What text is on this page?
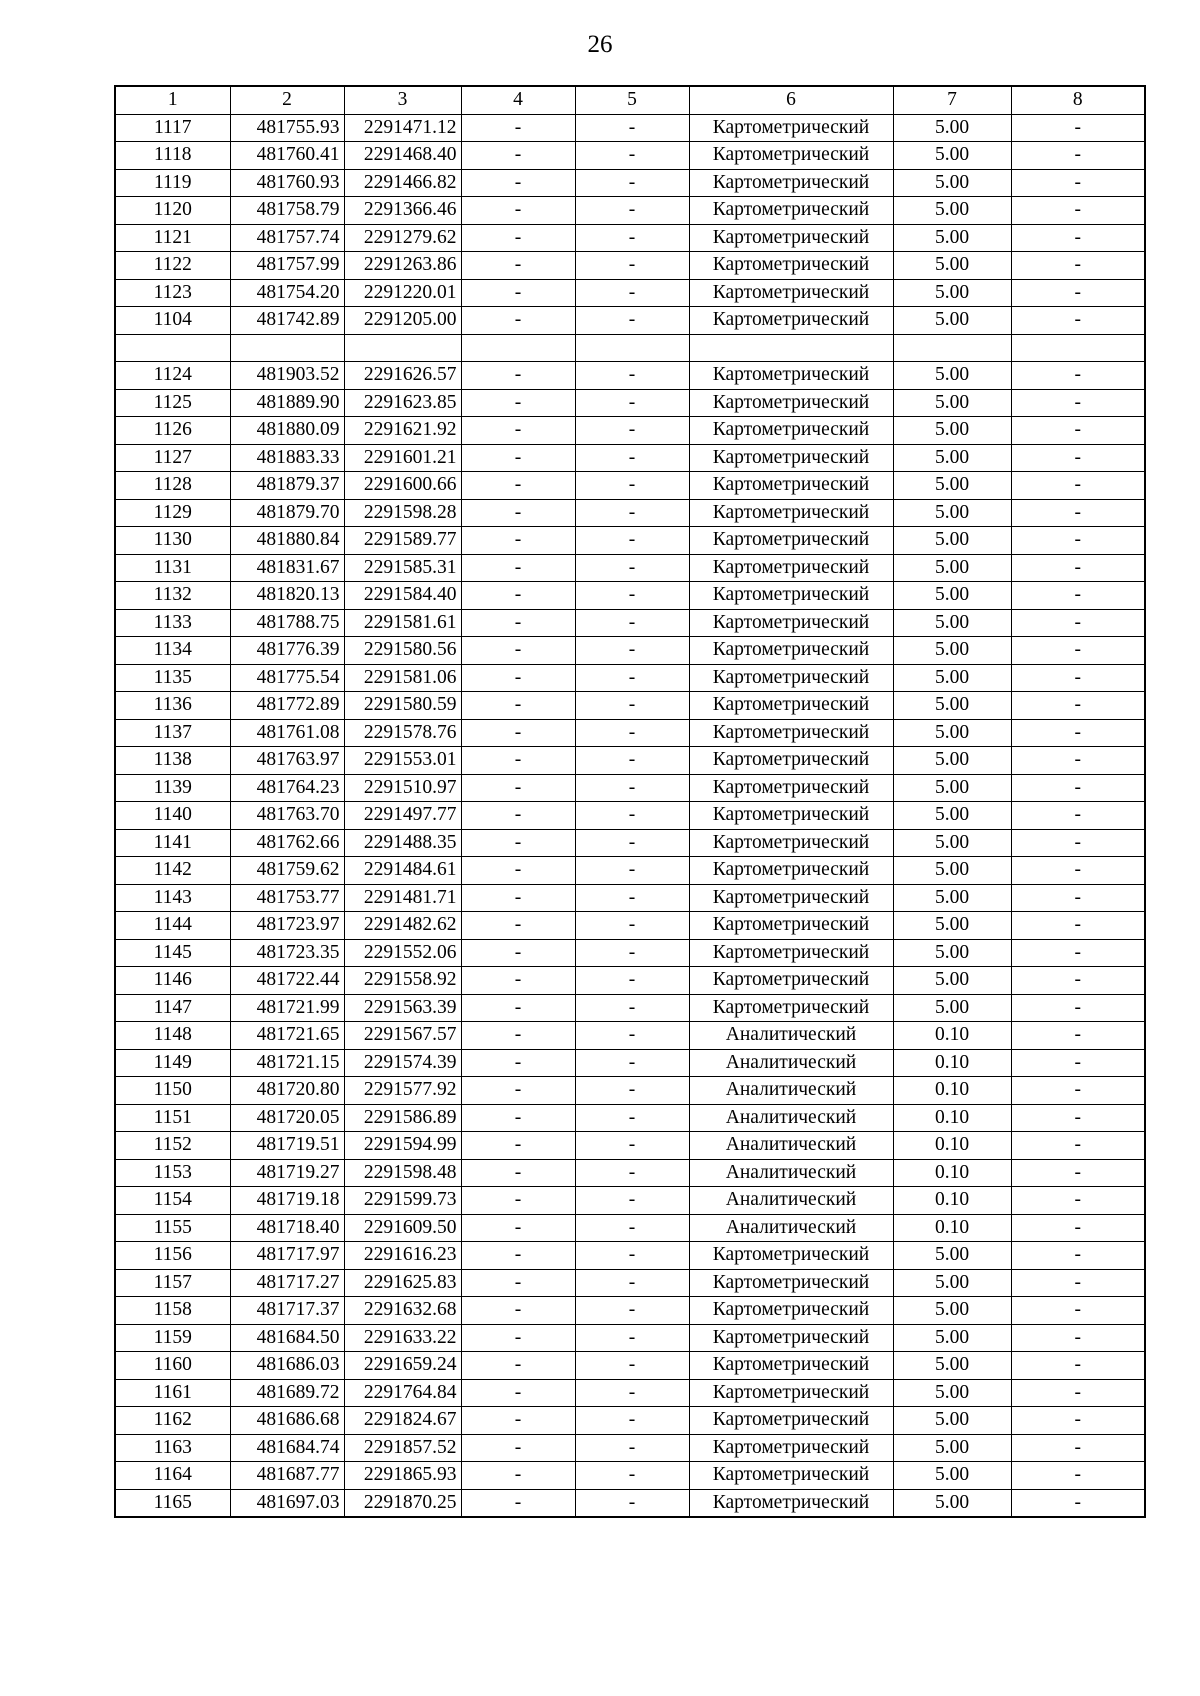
26
1	2	3	4	5	6	7	8
1117	481755.93	2291471.12	-	-	Картометрический	5.00	-
1118	481760.41	2291468.40	-	-	Картометрический	5.00	-
1119	481760.93	2291466.82	-	-	Картометрический	5.00	-
1120	481758.79	2291366.46	-	-	Картометрический	5.00	-
1121	481757.74	2291279.62	-	-	Картометрический	5.00	-
1122	481757.99	2291263.86	-	-	Картометрический	5.00	-
1123	481754.20	2291220.01	-	-	Картометрический	5.00	-
1104	481742.89	2291205.00	-	-	Картометрический	5.00	-

1124	481903.52	2291626.57	-	-	Картометрический	5.00	-
1125	481889.90	2291623.85	-	-	Картометрический	5.00	-
1126	481880.09	2291621.92	-	-	Картометрический	5.00	-
1127	481883.33	2291601.21	-	-	Картометрический	5.00	-
1128	481879.37	2291600.66	-	-	Картометрический	5.00	-
1129	481879.70	2291598.28	-	-	Картометрический	5.00	-
1130	481880.84	2291589.77	-	-	Картометрический	5.00	-
1131	481831.67	2291585.31	-	-	Картометрический	5.00	-
1132	481820.13	2291584.40	-	-	Картометрический	5.00	-
1133	481788.75	2291581.61	-	-	Картометрический	5.00	-
1134	481776.39	2291580.56	-	-	Картометрический	5.00	-
1135	481775.54	2291581.06	-	-	Картометрический	5.00	-
1136	481772.89	2291580.59	-	-	Картометрический	5.00	-
1137	481761.08	2291578.76	-	-	Картометрический	5.00	-
1138	481763.97	2291553.01	-	-	Картометрический	5.00	-
1139	481764.23	2291510.97	-	-	Картометрический	5.00	-
1140	481763.70	2291497.77	-	-	Картометрический	5.00	-
1141	481762.66	2291488.35	-	-	Картометрический	5.00	-
1142	481759.62	2291484.61	-	-	Картометрический	5.00	-
1143	481753.77	2291481.71	-	-	Картометрический	5.00	-
1144	481723.97	2291482.62	-	-	Картометрический	5.00	-
1145	481723.35	2291552.06	-	-	Картометрический	5.00	-
1146	481722.44	2291558.92	-	-	Картометрический	5.00	-
1147	481721.99	2291563.39	-	-	Картометрический	5.00	-
1148	481721.65	2291567.57	-	-	Аналитический	0.10	-
1149	481721.15	2291574.39	-	-	Аналитический	0.10	-
1150	481720.80	2291577.92	-	-	Аналитический	0.10	-
1151	481720.05	2291586.89	-	-	Аналитический	0.10	-
1152	481719.51	2291594.99	-	-	Аналитический	0.10	-
1153	481719.27	2291598.48	-	-	Аналитический	0.10	-
1154	481719.18	2291599.73	-	-	Аналитический	0.10	-
1155	481718.40	2291609.50	-	-	Аналитический	0.10	-
1156	481717.97	2291616.23	-	-	Картометрический	5.00	-
1157	481717.27	2291625.83	-	-	Картометрический	5.00	-
1158	481717.37	2291632.68	-	-	Картометрический	5.00	-
1159	481684.50	2291633.22	-	-	Картометрический	5.00	-
1160	481686.03	2291659.24	-	-	Картометрический	5.00	-
1161	481689.72	2291764.84	-	-	Картометрический	5.00	-
1162	481686.68	2291824.67	-	-	Картометрический	5.00	-
1163	481684.74	2291857.52	-	-	Картометрический	5.00	-
1164	481687.77	2291865.93	-	-	Картометрический	5.00	-
1165	481697.03	2291870.25	-	-	Картометрический	5.00	-
